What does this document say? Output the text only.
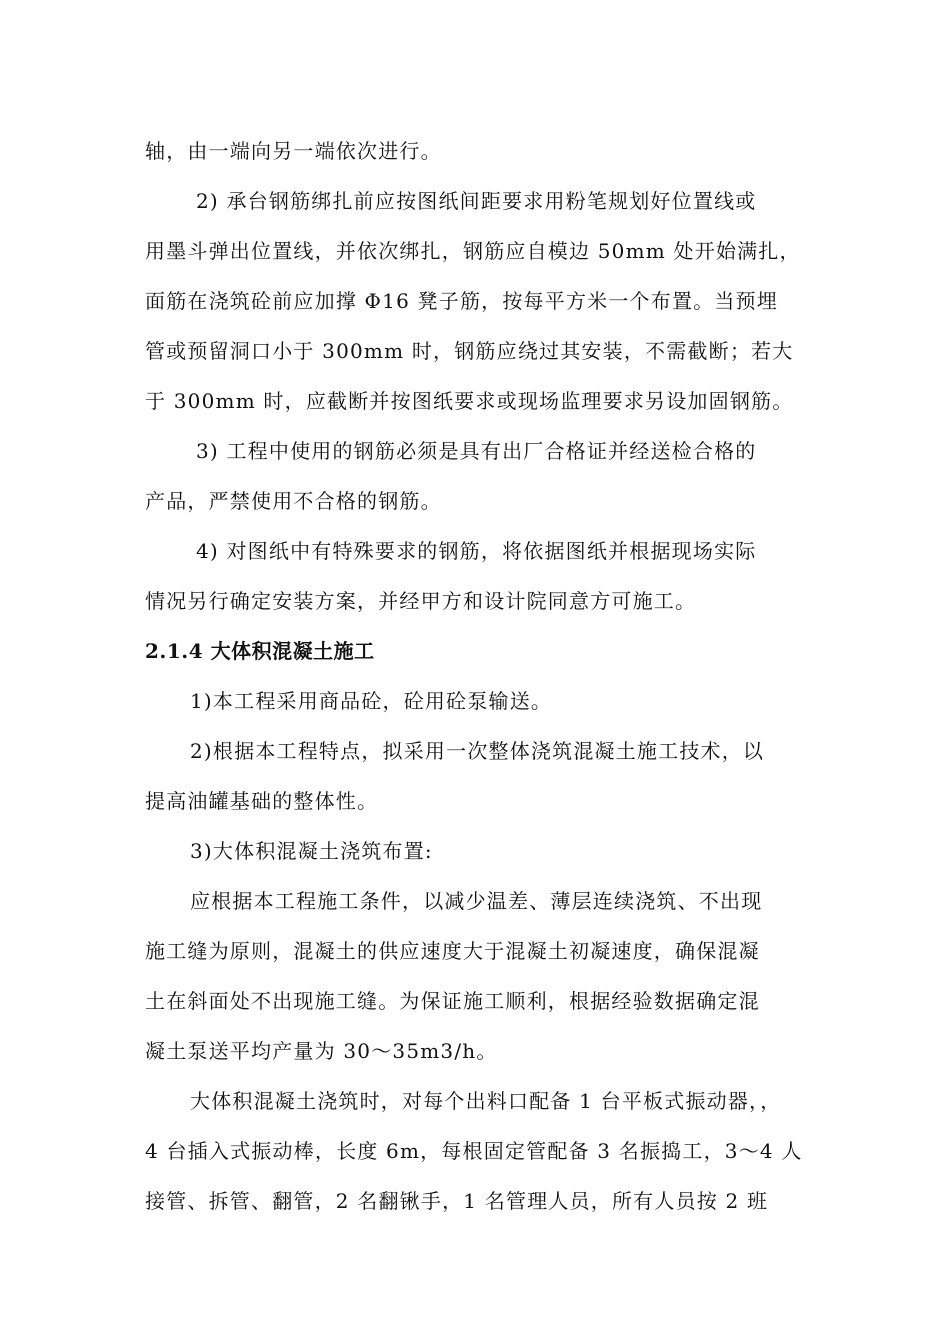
轴，由一端向另一端依次进行。
2) 承台钢筋绑扎前应按图纸间距要求用粉笔规划好位置线或
用墨斗弹出位置线，并依次绑扎，钢筋应自模边 50mm 处开始满扎，
面筋在浇筑砼前应加撑 Φ16 凳子筋，按每平方米一个布置。当预埋
管或预留洞口小于 300mm 时，钢筋应绕过其安装，不需截断；若大
于 300mm 时，应截断并按图纸要求或现场监理要求另设加固钢筋。
3) 工程中使用的钢筋必须是具有出厂合格证并经送检合格的
产品，严禁使用不合格的钢筋。
4) 对图纸中有特殊要求的钢筋，将依据图纸并根据现场实际
情况另行确定安装方案，并经甲方和设计院同意方可施工。
2.1.4 大体积混凝土施工
1)本工程采用商品砼，砼用砼泵输送。
2)根据本工程特点，拟采用一次整体浇筑混凝土施工技术，以
提高油罐基础的整体性。
3)大体积混凝土浇筑布置:
应根据本工程施工条件，以减少温差、薄层连续浇筑、不出现
施工缝为原则，混凝土的供应速度大于混凝土初凝速度，确保混凝
土在斜面处不出现施工缝。为保证施工顺利，根据经验数据确定混
凝土泵送平均产量为 30～35m3/h。
大体积混凝土浇筑时，对每个出料口配备 1 台平板式振动器，，
4 台插入式振动棒，长度 6m，每根固定管配备 3 名振捣工，3～4 人
接管、拆管、翻管，2 名翻锹手，1 名管理人员，所有人员按 2 班
